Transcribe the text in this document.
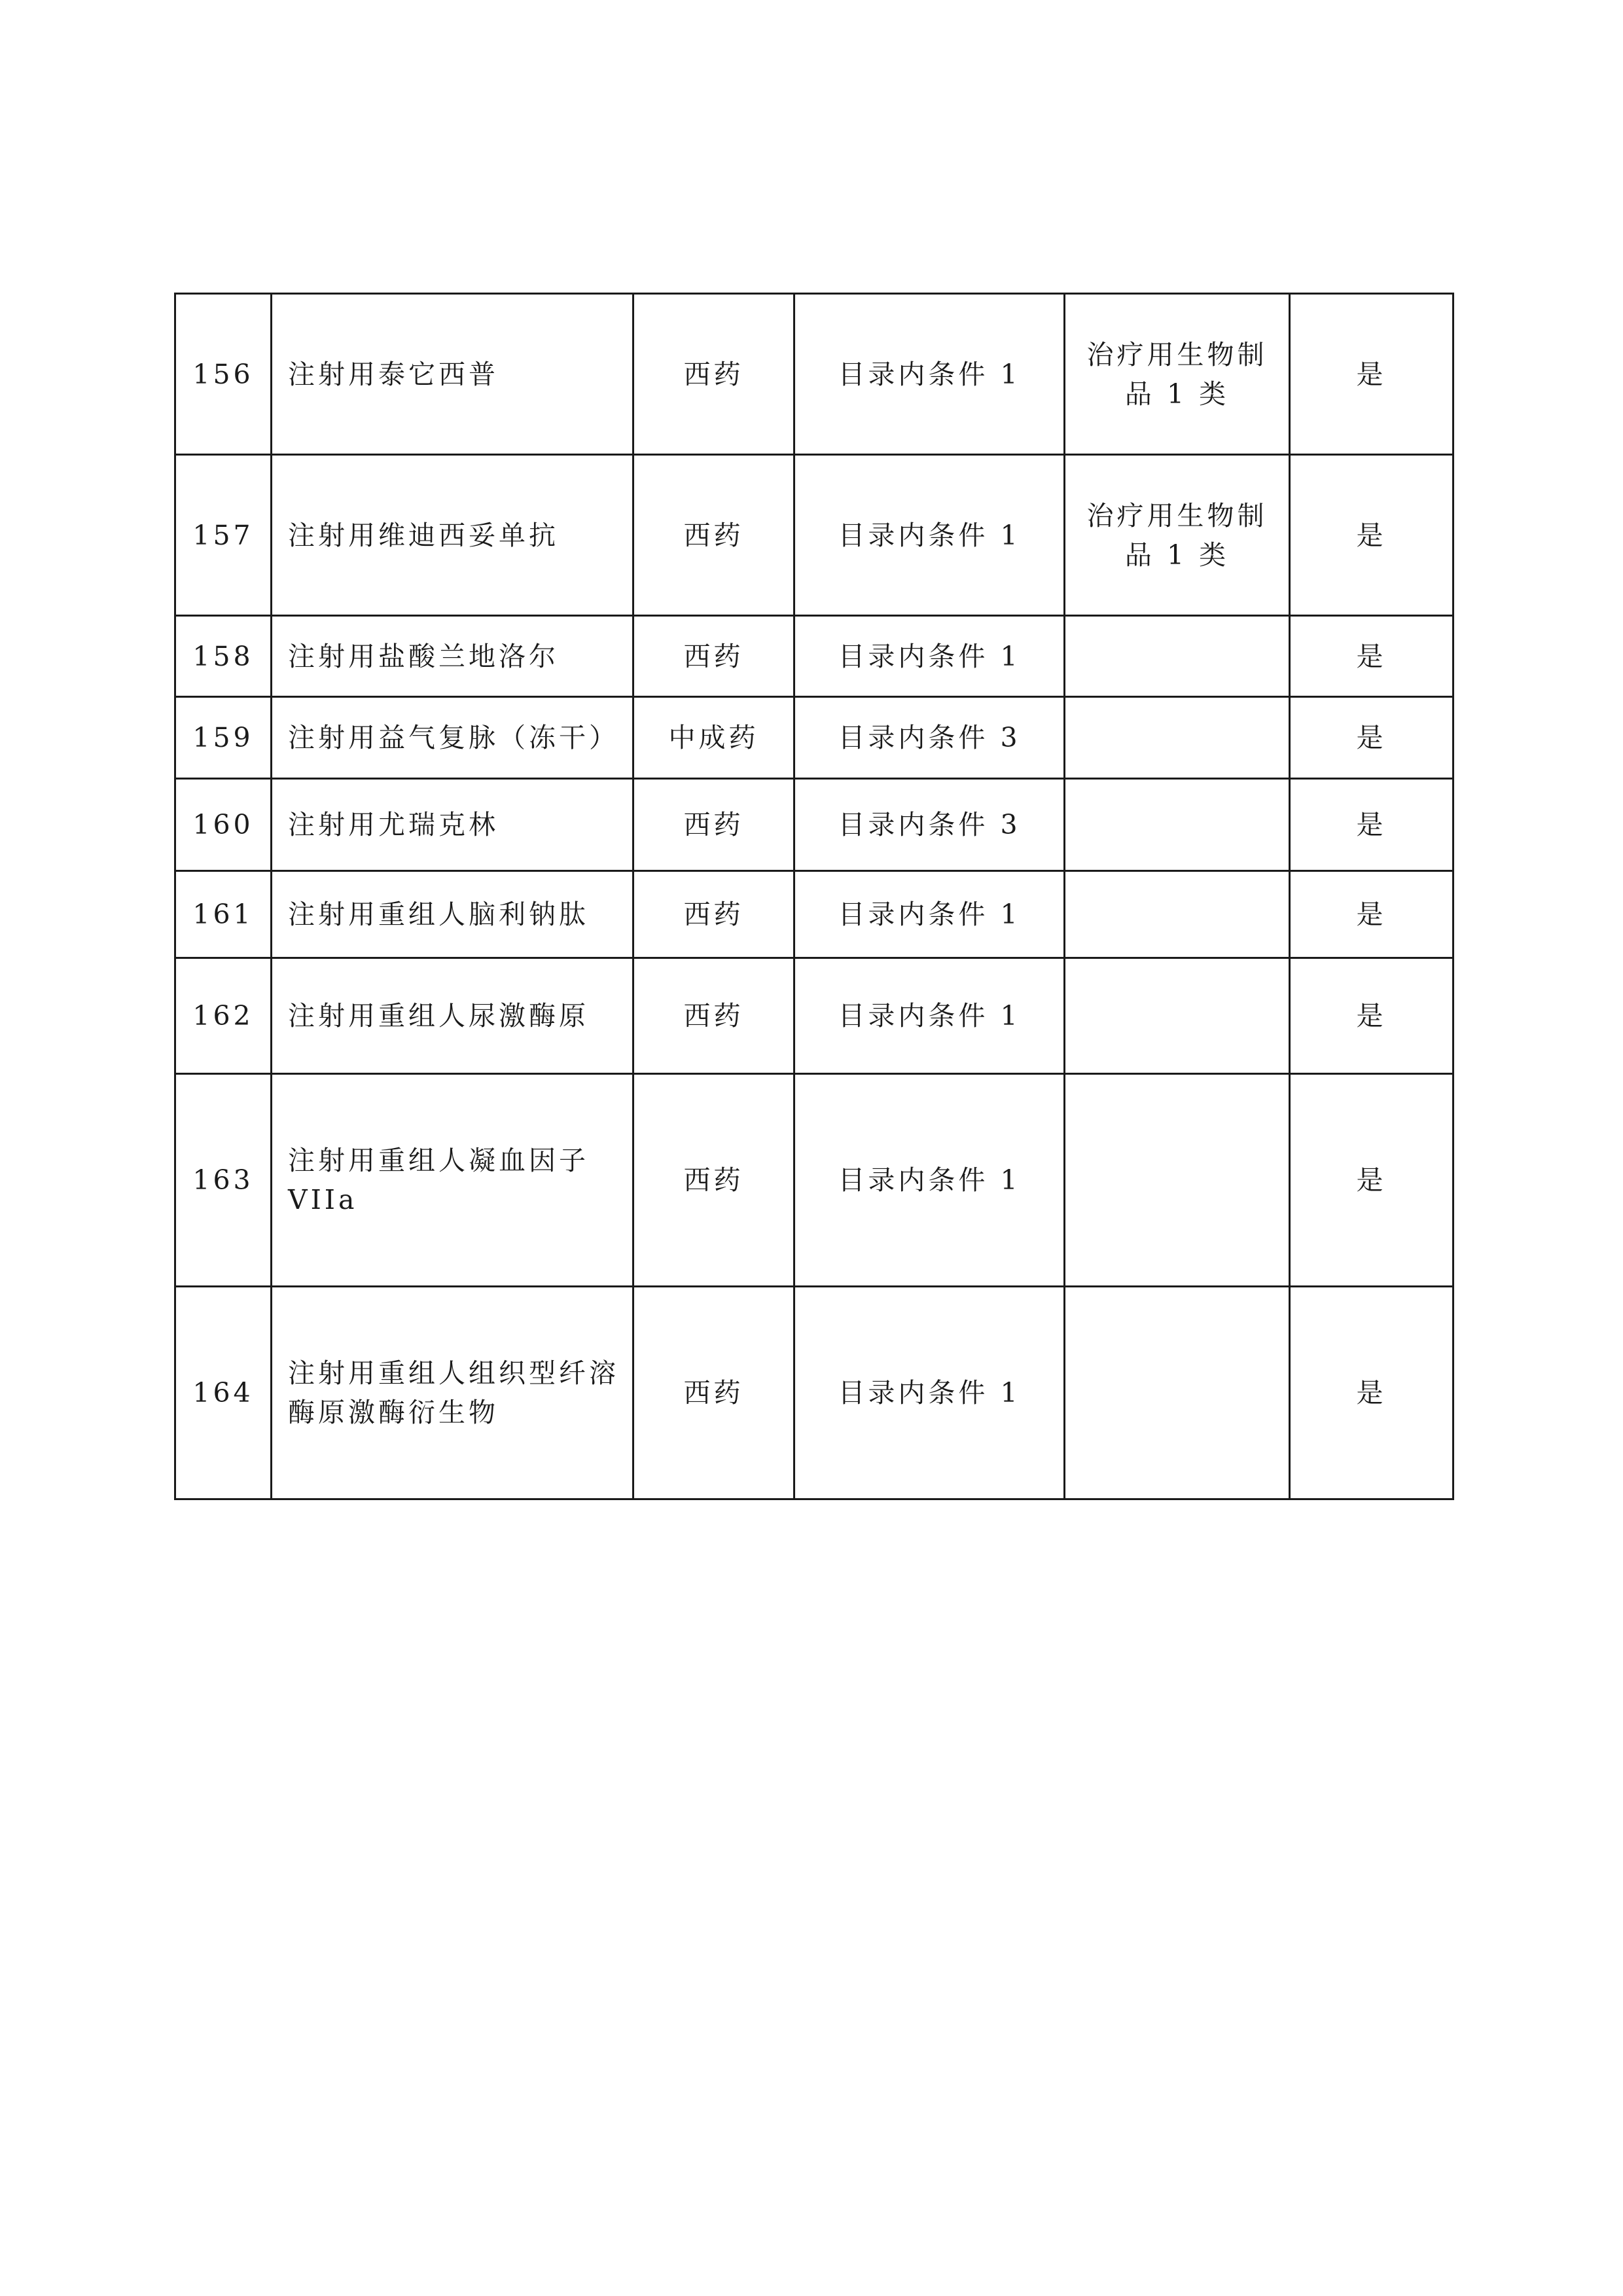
156	注射用泰它西普	西药	目录内条件 1	治疗用生物制品 1 类	是
157	注射用维迪西妥单抗	西药	目录内条件 1	治疗用生物制品 1 类	是
158	注射用盐酸兰地洛尔	西药	目录内条件 1		是
159	注射用益气复脉（冻干）	中成药	目录内条件 3		是
160	注射用尤瑞克林	西药	目录内条件 3		是
161	注射用重组人脑利钠肽	西药	目录内条件 1		是
162	注射用重组人尿激酶原	西药	目录内条件 1		是
163	注射用重组人凝血因子VIIa	西药	目录内条件 1		是
164	注射用重组人组织型纤溶酶原激酶衍生物	西药	目录内条件 1		是
